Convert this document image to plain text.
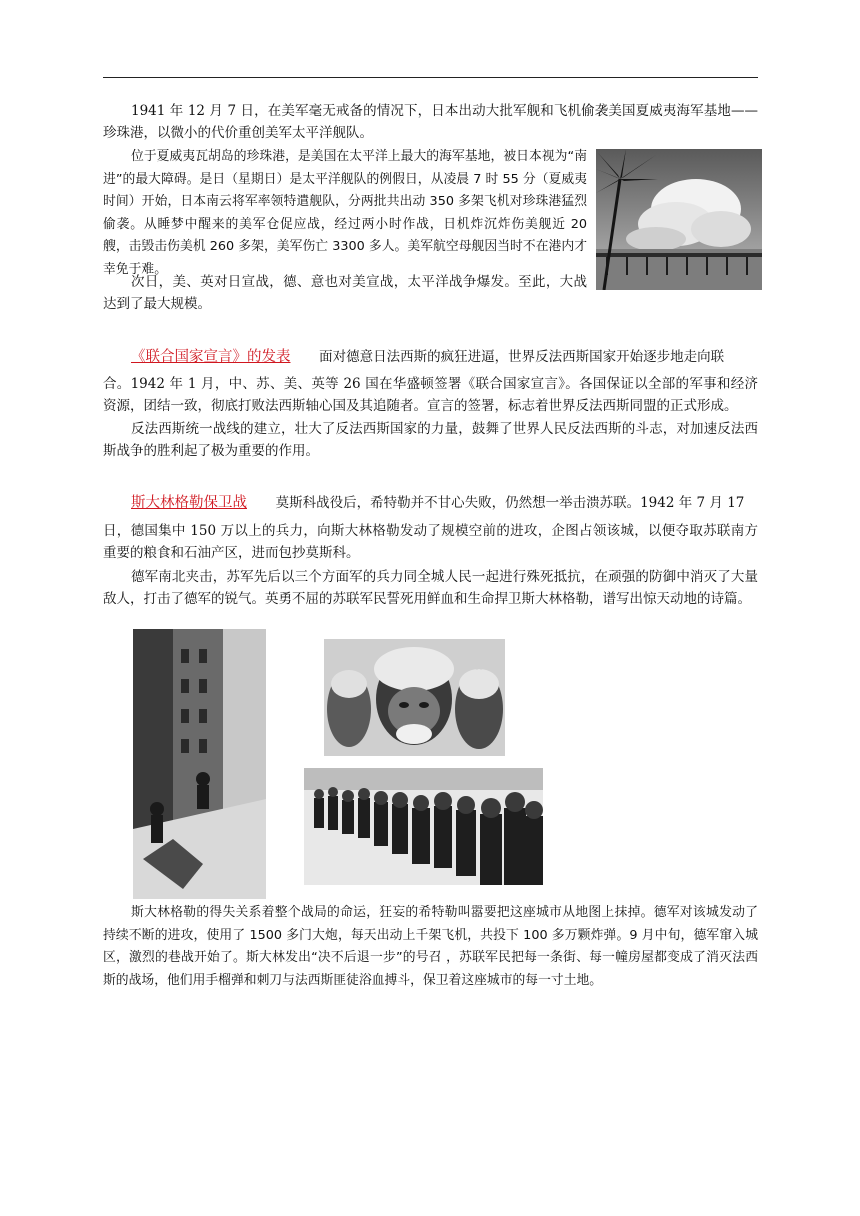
1941 年 12 月 7 日，在美军毫无戒备的情况下，日本出动大批军舰和飞机偷袭美国夏威夷海军基地——珍珠港，以微小的代价重创美军太平洋舰队。

位于夏威夷瓦胡岛的珍珠港，是美国在太平洋上最大的海军基地，被日本视为“南进”的最大障碍。是日（星期日）是太平洋舰队的例假日，从凌晨 7 时 55 分（夏威夷时间）开始，日本南云将军率领特遣舰队，分两批共出动 350 多架飞机对珍珠港猛烈偷袭。从睡梦中醒来的美军仓促应战，经过两小时作战，日机炸沉炸伤美舰近 20 艘，击毁击伤美机 260 多架，美军伤亡 3300 多人。美军航空母舰因当时不在港内才幸免于难。

次日，美、英对日宣战，德、意也对美宣战，太平洋战争爆发。至此，大战达到了最大规模。

《联合国家宣言》的发表 面对德意日法西斯的疯狂进逼，世界反法西斯国家开始逐步地走向联

合。1942 年 1 月，中、苏、美、英等 26 国在华盛顿签署《联合国家宣言》。各国保证以全部的军事和经济资源，团结一致，彻底打败法西斯轴心国及其追随者。宣言的签署，标志着世界反法西斯同盟的正式形成。

反法西斯统一战线的建立，壮大了反法西斯国家的力量，鼓舞了世界人民反法西斯的斗志，对加速反法西斯战争的胜利起了极为重要的作用。

斯大林格勒保卫战 莫斯科战役后，希特勒并不甘心失败，仍然想一举击溃苏联。1942 年 7 月 17

日，德国集中 150 万以上的兵力，向斯大林格勒发动了规模空前的进攻，企图占领该城，以便夺取苏联南方重要的粮食和石油产区，进而包抄莫斯科。

德军南北夹击，苏军先后以三个方面军的兵力同全城人民一起进行殊死抵抗，在顽强的防御中消灭了大量敌人，打击了德军的锐气。英勇不屈的苏联军民誓死用鲜血和生命捍卫斯大林格勒，谱写出惊天动地的诗篇。

斯大林格勒的得失关系着整个战局的命运，狂妄的希特勒叫嚣要把这座城市从地图上抹掉。德军对该城发动了持续不断的进攻，使用了 1500 多门大炮，每天出动上千架飞机，共投下 100 多万颗炸弹。9 月中旬，德军窜入城区，激烈的巷战开始了。斯大林发出“决不后退一步”的号召 ，苏联军民把每一条街、每一幢房屋都变成了消灭法西斯的战场，他们用手榴弹和刺刀与法西斯匪徒浴血搏斗，保卫着这座城市的每一寸土地。
